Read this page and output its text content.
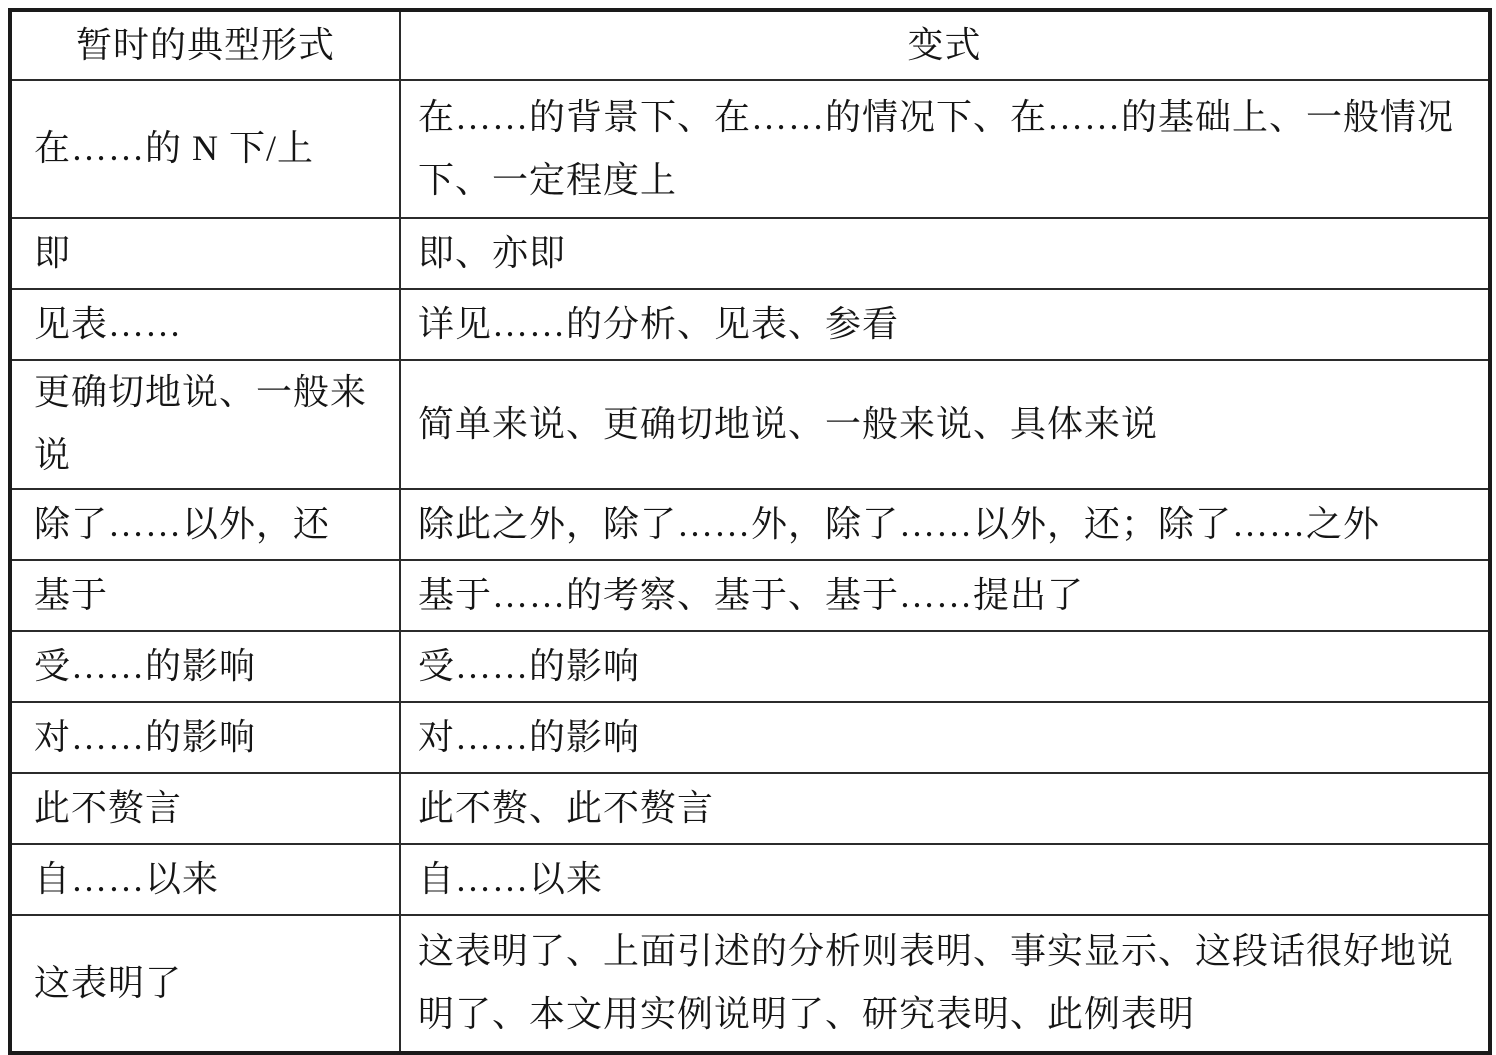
暂时的典型形式	变式
在……的 N 下/上	在……的背景下、在……的情况下、在……的基础上、一般情况下、一定程度上
即	即、亦即
见表……	详见……的分析、见表、参看
更确切地说、一般来说	简单来说、更确切地说、一般来说、具体来说
除了……以外，还	除此之外，除了……外，除了……以外，还；除了……之外
基于	基于……的考察、基于、基于……提出了
受……的影响	受……的影响
对……的影响	对……的影响
此不赘言	此不赘、此不赘言
自……以来	自……以来
这表明了	这表明了、上面引述的分析则表明、事实显示、这段话很好地说明了、本文用实例说明了、研究表明、此例表明
